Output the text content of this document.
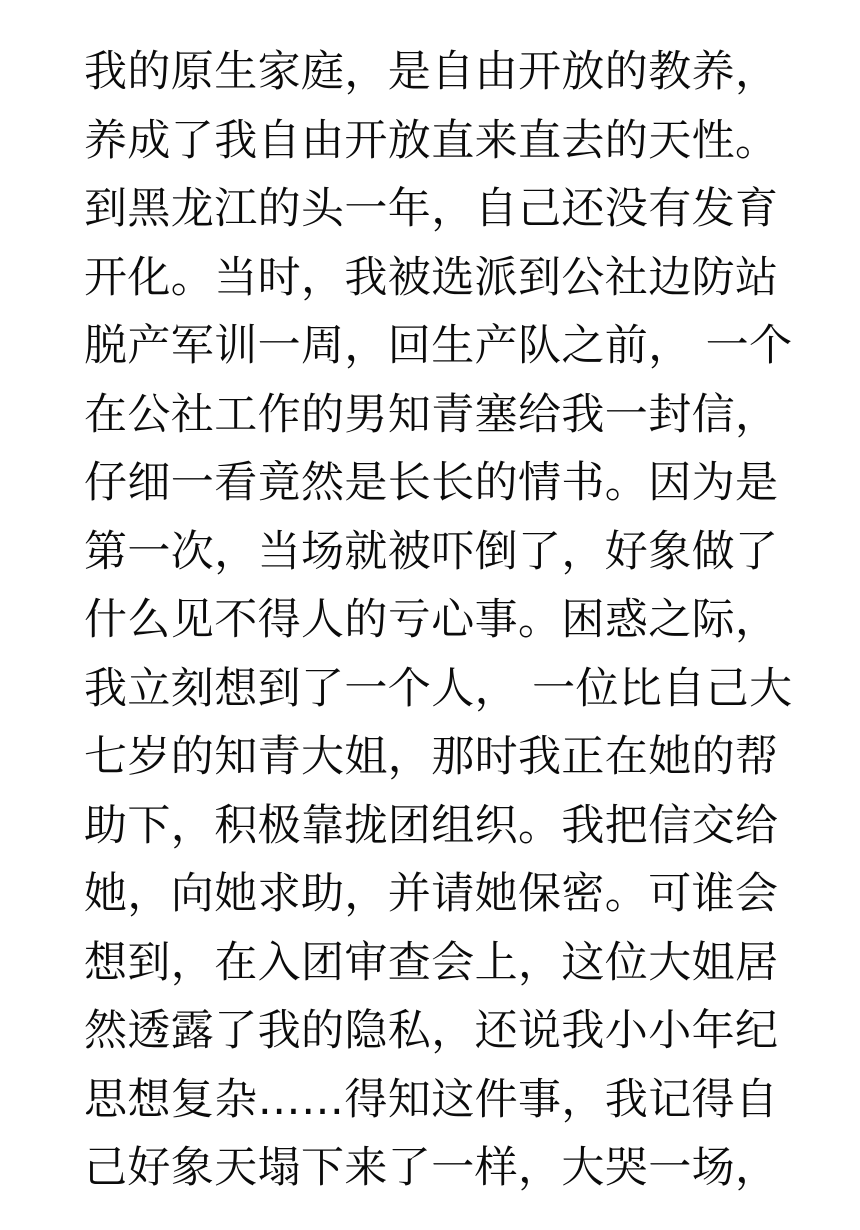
我的原生家庭，是自由开放的教养，
养成了我自由开放直来直去的天性。
到黑龙江的头一年，自己还没有发育
开化。当时，我被选派到公社边防站
脱产军训一周，回生产队之前， 一个
在公社工作的男知青塞给我一封信，
仔细一看竟然是长长的情书。因为是
第一次，当场就被吓倒了，好象做了
什么见不得人的亏心事。困惑之际，
我立刻想到了一个人， 一位比自己大
七岁的知青大姐，那时我正在她的帮
助下，积极靠拢团组织。我把信交给
她，向她求助，并请她保密。可谁会
想到，在入团审查会上，这位大姐居
然透露了我的隐私，还说我小小年纪
思想复杂……得知这件事，我记得自
己好象天塌下来了一样，大哭一场，
